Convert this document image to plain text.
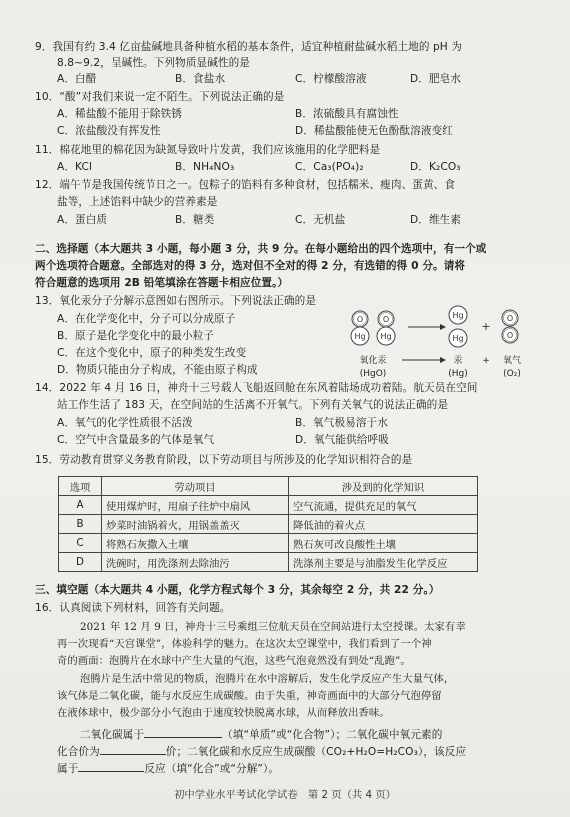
9．我国有约 3.4 亿亩盐碱地具备种植水稻的基本条件，适宜种植耐盐碱水稻土地的 pH 为
8.8~9.2，呈碱性。下列物质显碱性的是
A．白醋	B．食盐水	C．柠檬酸溶液	D．肥皂水
10．“酸”对我们来说一定不陌生。下列说法正确的是
A．稀盐酸不能用于除铁锈	B．浓硫酸具有腐蚀性
C．浓盐酸没有挥发性	D．稀盐酸能使无色酚酞溶液变红
11．棉花地里的棉花因为缺氮导致叶片发黄，我们应该施用的化学肥料是
A．KCl	B．NH₄NO₃	C．Ca₃(PO₄)₂	D．K₂CO₃
12．端午节是我国传统节日之一。包粽子的馅料有多种食材，包括糯米、瘦肉、蛋黄、食
盐等，上述馅料中缺少的营养素是
A．蛋白质	B．糖类	C．无机盐	D．维生素
二、选择题（本大题共 3 小题，每小题 3 分，共 9 分。在每小题给出的四个选项中，有一个或
两个选项符合题意。全部选对的得 3 分，选对但不全对的得 2 分，有选错的得 0 分。请将
符合题意的选项用 2B 铅笔填涂在答题卡相应位置。）
13．氧化汞分子分解示意图如右图所示。下列说法正确的是
A．在化学变化中，分子可以分成原子
B．原子是化学变化中的最小粒子
C．在这个变化中，原子的种类发生改变
D．物质只能由分子构成，不能由原子构成
O
Hg
O
Hg
Hg
Hg
+
O
O
氧化汞
(HgO)
汞
(Hg)
+ 氧气
(O₂)
14．2022 年 4 月 16 日，神舟十三号载人飞船返回舱在东风着陆场成功着陆。航天员在空间
站工作生活了 183 天，在空间站的生活离不开氧气。下列有关氧气的说法正确的是
A．氧气的化学性质很不活泼	B．氧气极易溶于水
C．空气中含量最多的气体是氧气	D．氧气能供给呼吸
15．劳动教育贯穿义务教育阶段，以下劳动项目与所涉及的化学知识相符合的是
选项	劳动项目	涉及到的化学知识
A	使用煤炉时，用扇子往炉中扇风	空气流通，提供充足的氧气
B	炒菜时油锅着火，用锅盖盖灭	降低油的着火点
C	将熟石灰撒入土壤	熟石灰可改良酸性土壤
D	洗碗时，用洗涤剂去除油污	洗涤剂主要是与油脂发生化学反应
三、填空题（本大题共 4 小题，化学方程式每个 3 分，其余每空 2 分，共 22 分。）
16．认真阅读下列材料，回答有关问题。
2021 年 12 月 9 日，神舟十三号乘组三位航天员在空间站进行太空授课。太家有幸
再一次现看“天宫课堂”，体验科学的魅力。在这次太空课堂中，我们看到了一个神
奇的画面：泡腾片在水球中产生大量的气泡，这些气泡竟然没有到处“乱跑”。
泡腾片是生活中常见的物质，泡腾片在水中溶解后，发生化学反应产生大量气体，
该气体是二氧化碳，能与水反应生成碳酸。由于失重，神奇画面中的大部分气泡停留
在液体球中，极少部分小气泡由于速度较快脱离水球，从而释放出香味。
二氧化碳属于	（填“单质”或“化合物”）；二氧化碳中氧元素的
化合价为	价；二氧化碳和水反应生成碳酸（CO₂+H₂O=H₂CO₃），该反应
属于	反应（填“化合”或“分解”）。
初中学业水平考试化学试卷　第 2 页（共 4 页）
